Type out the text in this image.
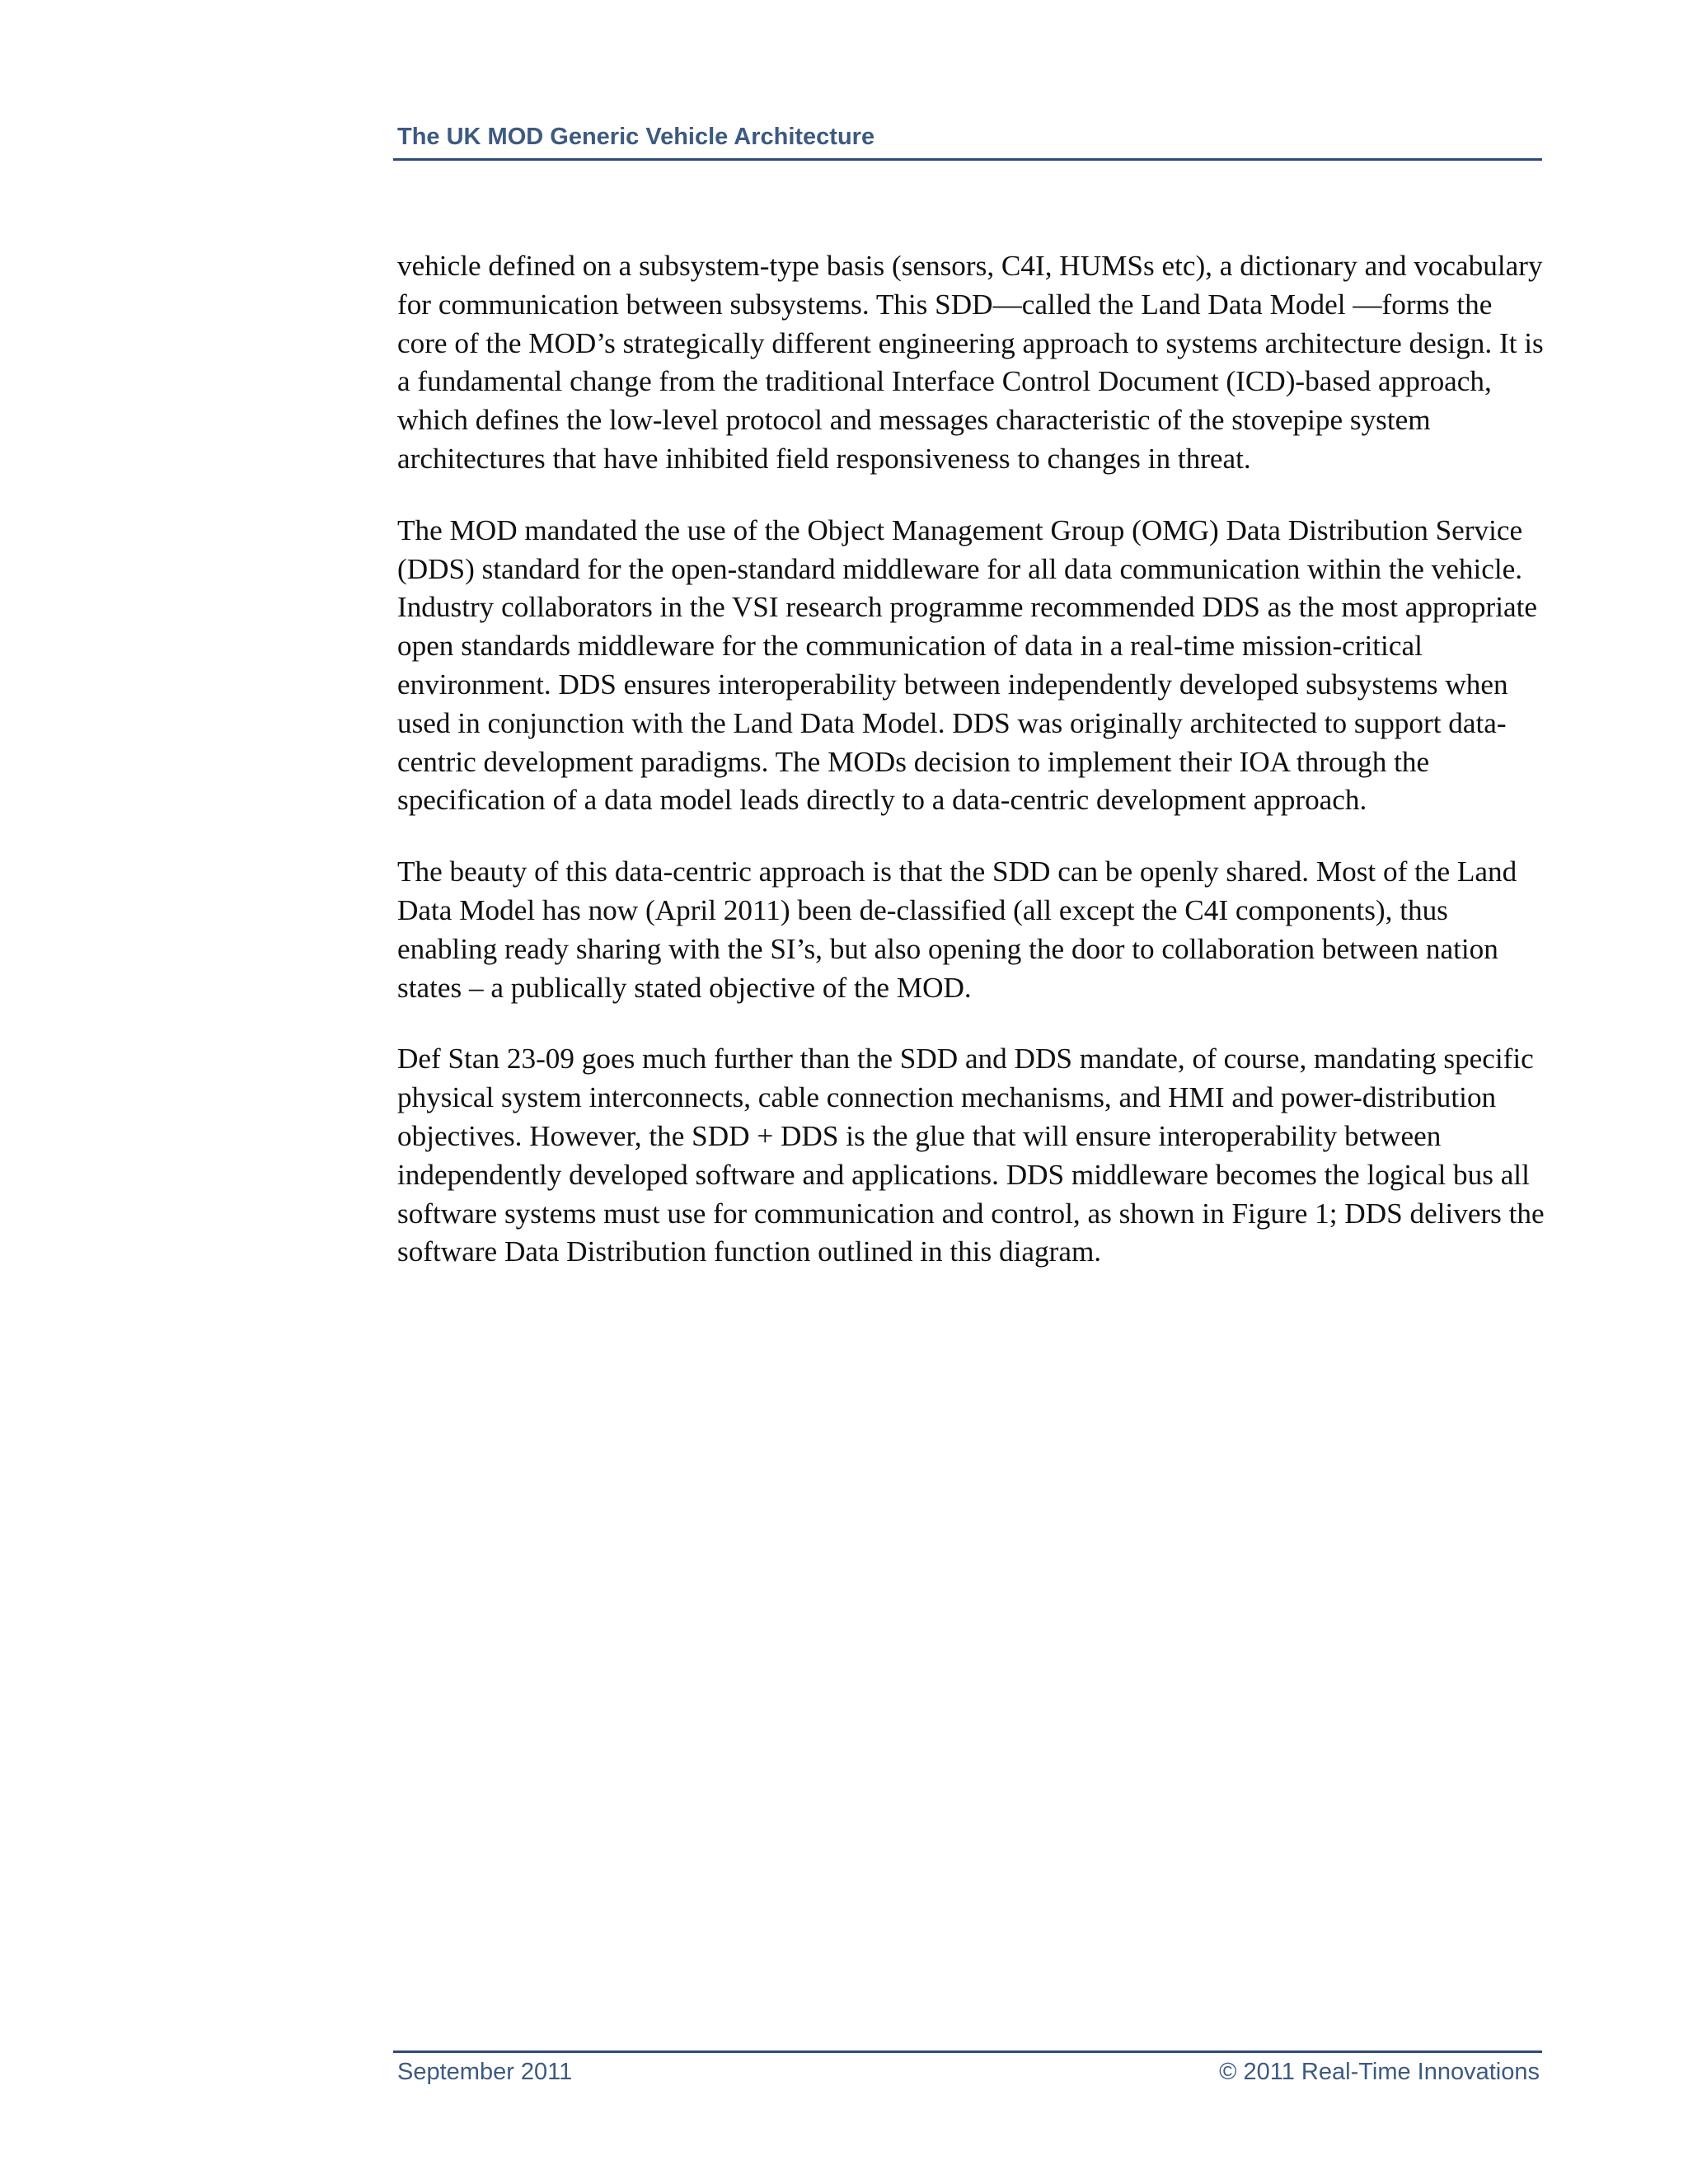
The UK MOD Generic Vehicle Architecture

vehicle defined on a subsystem-type basis (sensors, C4I, HUMSs etc), a dictionary and vocabulary for communication between subsystems. This SDD—called the Land Data Model —forms the core of the MOD’s strategically different engineering approach to systems architecture design. It is a fundamental change from the traditional Interface Control Document (ICD)-based approach, which defines the low-level protocol and messages characteristic of the stovepipe system architectures that have inhibited field responsiveness to changes in threat.

The MOD mandated the use of the Object Management Group (OMG) Data Distribution Service (DDS) standard for the open-standard middleware for all data communication within the vehicle. Industry collaborators in the VSI research programme recommended DDS as the most appropriate open standards middleware for the communication of data in a real-time mission-critical environment. DDS ensures interoperability between independently developed subsystems when used in conjunction with the Land Data Model. DDS was originally architected to support data-centric development paradigms. The MODs decision to implement their IOA through the specification of a data model leads directly to a data-centric development approach.

The beauty of this data-centric approach is that the SDD can be openly shared. Most of the Land Data Model has now (April 2011) been de-classified (all except the C4I components), thus enabling ready sharing with the SI’s, but also opening the door to collaboration between nation states – a publically stated objective of the MOD.

Def Stan 23-09 goes much further than the SDD and DDS mandate, of course, mandating specific physical system interconnects, cable connection mechanisms, and HMI and power-distribution objectives. However, the SDD + DDS is the glue that will ensure interoperability between independently developed software and applications. DDS middleware becomes the logical bus all software systems must use for communication and control, as shown in Figure 1; DDS delivers the software Data Distribution function outlined in this diagram.

September 2011	© 2011 Real-Time Innovations
